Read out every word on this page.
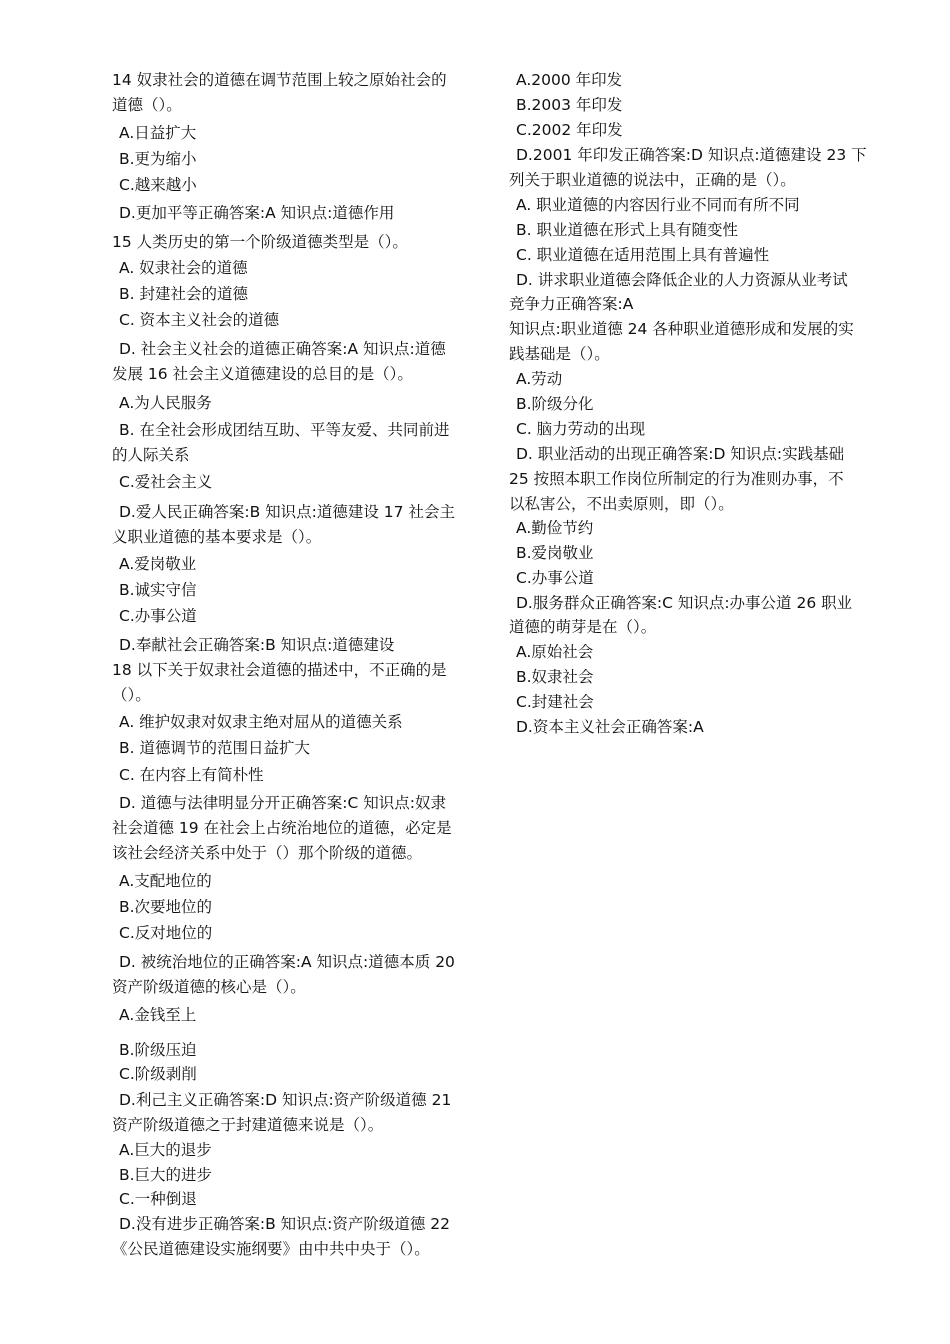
14 奴隶社会的道德在调节范围上较之原始社会的
道德（）。
A.日益扩大
B.更为缩小
C.越来越小
D.更加平等正确答案:A 知识点:道德作用
15 人类历史的第一个阶级道德类型是（）。
A. 奴隶社会的道德
B. 封建社会的道德
C. 资本主义社会的道德
D. 社会主义社会的道德正确答案:A 知识点:道德
发展 16 社会主义道德建设的总目的是（）。
A.为人民服务
B. 在全社会形成团结互助、平等友爱、共同前进
的人际关系
C.爱社会主义
D.爱人民正确答案:B 知识点:道德建设 17 社会主
义职业道德的基本要求是（）。
A.爱岗敬业
B.诚实守信
C.办事公道
D.奉献社会正确答案:B 知识点:道德建设
18 以下关于奴隶社会道德的描述中，不正确的是
（）。
A. 维护奴隶对奴隶主绝对屈从的道德关系
B. 道德调节的范围日益扩大
C. 在内容上有简朴性
D. 道德与法律明显分开正确答案:C 知识点:奴隶
社会道德 19 在社会上占统治地位的道德，必定是
该社会经济关系中处于（）那个阶级的道德。
A.支配地位的
B.次要地位的
C.反对地位的
D. 被统治地位的正确答案:A 知识点:道德本质 20
资产阶级道德的核心是（）。
A.金钱至上
B.阶级压迫
C.阶级剥削
D.利己主义正确答案:D 知识点:资产阶级道德 21
资产阶级道德之于封建道德来说是（）。
A.巨大的退步
B.巨大的进步
C.一种倒退
D.没有进步正确答案:B 知识点:资产阶级道德 22
《公民道德建设实施纲要》由中共中央于（）。
A.2000 年印发
B.2003 年印发
C.2002 年印发
D.2001 年印发正确答案:D 知识点:道德建设 23 下
列关于职业道德的说法中，正确的是（）。
A. 职业道德的内容因行业不同而有所不同
B. 职业道德在形式上具有随变性
C. 职业道德在适用范围上具有普遍性
D. 讲求职业道德会降低企业的人力资源从业考试
竞争力正确答案:A
知识点:职业道德 24 各种职业道德形成和发展的实
践基础是（）。
A.劳动
B.阶级分化
C. 脑力劳动的出现
D. 职业活动的出现正确答案:D 知识点:实践基础
25 按照本职工作岗位所制定的行为准则办事，不
以私害公，不出卖原则，即（）。
A.勤俭节约
B.爱岗敬业
C.办事公道
D.服务群众正确答案:C 知识点:办事公道 26 职业
道德的萌芽是在（）。
A.原始社会
B.奴隶社会
C.封建社会
D.资本主义社会正确答案:A
